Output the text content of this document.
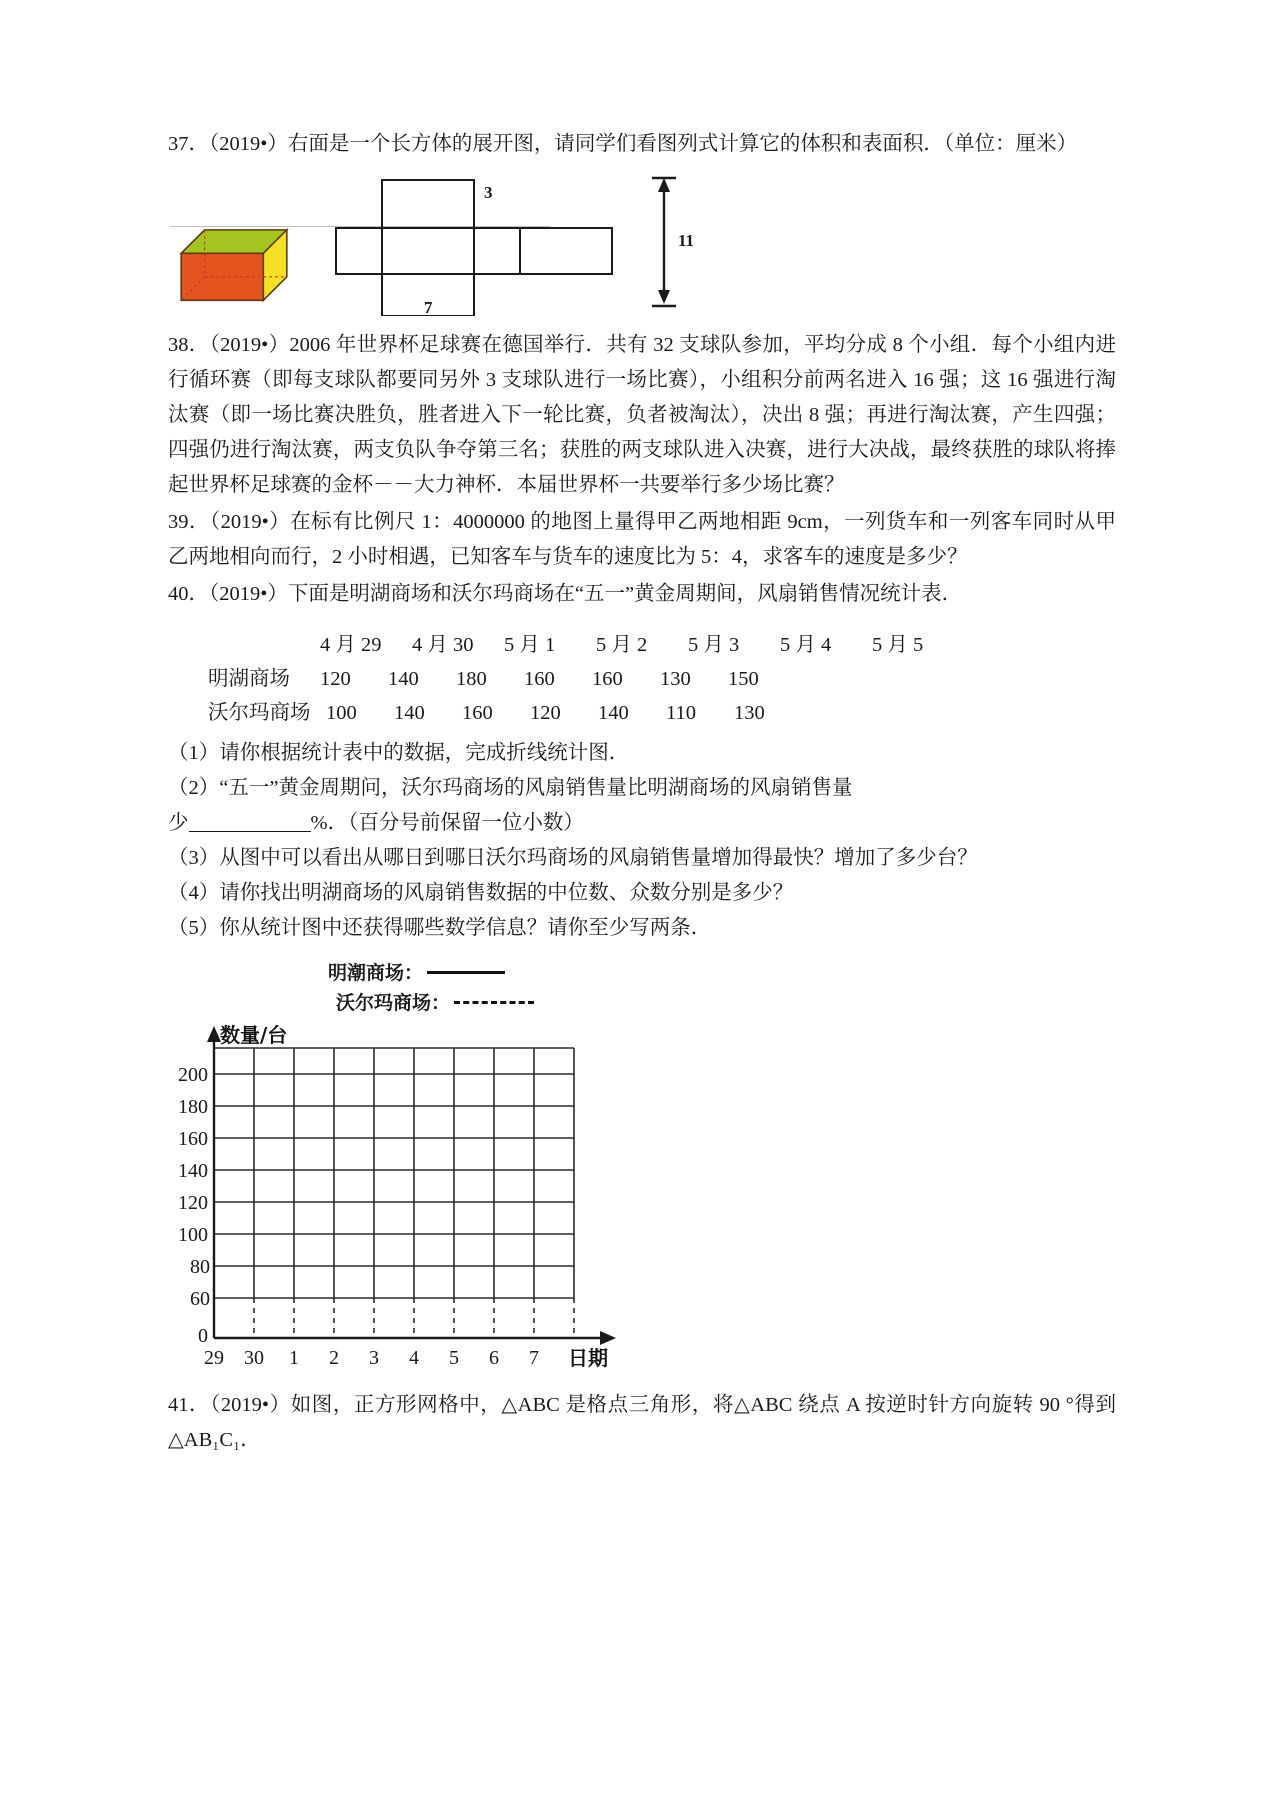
37．（2019•）右面是一个长方体的展开图，请同学们看图列式计算它的体积和表面积．（单位：厘米）

3
7
11

38．（2019•）2006 年世界杯足球赛在德国举行．共有 32 支球队参加，平均分成 8 个小组．每个小组内进行循环赛（即每支球队都要同另外 3 支球队进行一场比赛），小组积分前两名进入 16 强；这 16 强进行淘汰赛（即一场比赛决胜负，胜者进入下一轮比赛，负者被淘汰），决出 8 强；再进行淘汰赛，产生四强；四强仍进行淘汰赛，两支负队争夺第三名；获胜的两支球队进入决赛，进行大决战，最终获胜的球队将捧起世界杯足球赛的金杯－－大力神杯．本届世界杯一共要举行多少场比赛？

39．（2019•）在标有比例尺 1：4000000 的地图上量得甲乙两地相距 9cm，一列货车和一列客车同时从甲乙两地相向而行，2 小时相遇，已知客车与货车的速度比为 5：4，求客车的速度是多少？

40．（2019•）下面是明湖商场和沃尔玛商场在“五一”黄金周期间，风扇销售情况统计表．

4 月 29 4 月 30 5 月 1 5 月 2 5 月 3 5 月 4 5 月 5
明湖商场 120 140 180 160 160 130 150
沃尔玛商场 100 140 160 120 140 110 130

（1）请你根据统计表中的数据，完成折线统计图．

（2）“五一”黄金周期问，沃尔玛商场的风扇销售量比明湖商场的风扇销售量

少	%．（百分号前保留一位小数）

（3）从图中可以看出从哪日到哪日沃尔玛商场的风扇销售量增加得最快？增加了多少台？

（4）请你找出明湖商场的风扇销售数据的中位数、众数分别是多少？

（5）你从统计图中还获得哪些数学信息？请你至少写两条．

明潮商场：
沃尔玛商场：
数量/台
日期
200
180
160
140
120
100
80
60
0
29 30 1 2 3 4 5 6 7

41．（2019•）如图，正方形网格中，△ABC 是格点三角形，将△ABC 绕点 A 按逆时针方向旋转 90 °得到△AB₁C₁．
